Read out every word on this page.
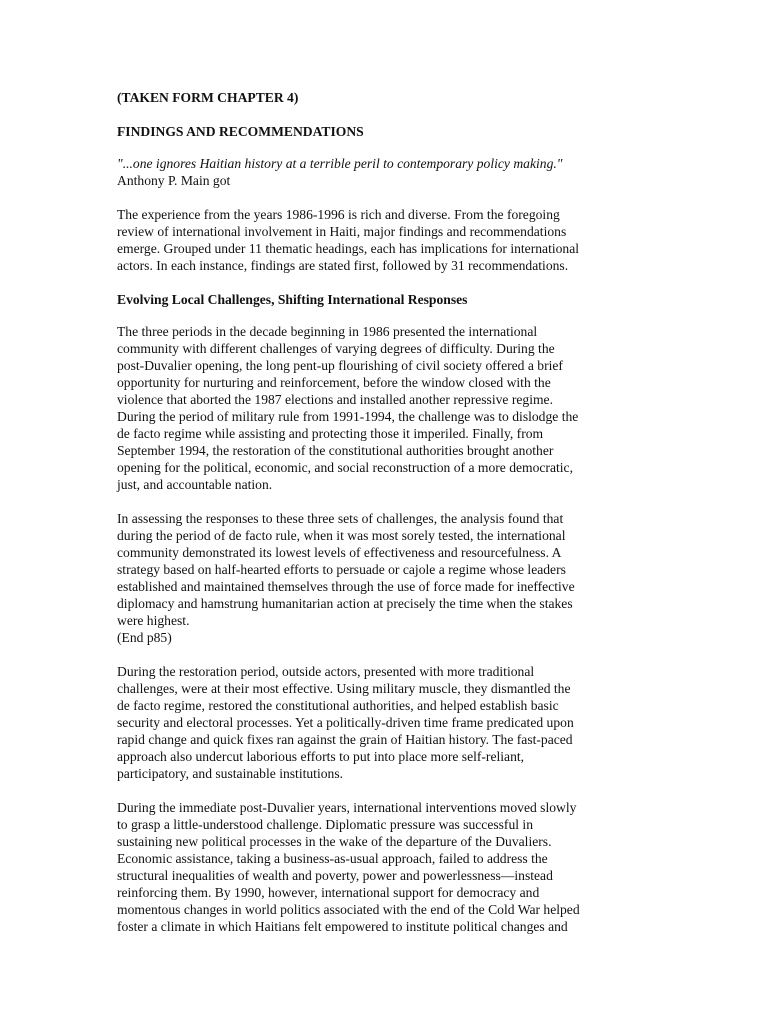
(TAKEN FORM CHAPTER 4)
FINDINGS AND RECOMMENDATIONS
"...one ignores Haitian history at a terrible peril to contemporary policy making."
Anthony P. Main got
The experience from the years 1986-1996 is rich and diverse. From the foregoing
review of international involvement in Haiti, major findings and recommendations
emerge. Grouped under 11 thematic headings, each has implications for international
actors. In each instance, findings are stated first, followed by 31 recommendations.
Evolving Local Challenges, Shifting International Responses
The three periods in the decade beginning in 1986 presented the international
community with different challenges of varying degrees of difficulty. During the
post-Duvalier opening, the long pent-up flourishing of civil society offered a brief
opportunity for nurturing and reinforcement, before the window closed with the
violence that aborted the 1987 elections and installed another repressive regime.
During the period of military rule from 1991-1994, the challenge was to dislodge the
de facto regime while assisting and protecting those it imperiled. Finally, from
September 1994, the restoration of the constitutional authorities brought another
opening for the political, economic, and social reconstruction of a more democratic,
just, and accountable nation.
In assessing the responses to these three sets of challenges, the analysis found that
during the period of de facto rule, when it was most sorely tested, the international
community demonstrated its lowest levels of effectiveness and resourcefulness. A
strategy based on half-hearted efforts to persuade or cajole a regime whose leaders
established and maintained themselves through the use of force made for ineffective
diplomacy and hamstrung humanitarian action at precisely the time when the stakes
were highest.
(End p85)
During the restoration period, outside actors, presented with more traditional
challenges, were at their most effective. Using military muscle, they dismantled the
de facto regime, restored the constitutional authorities, and helped establish basic
security and electoral processes. Yet a politically-driven time frame predicated upon
rapid change and quick fixes ran against the grain of Haitian history. The fast-paced
approach also undercut laborious efforts to put into place more self-reliant,
participatory, and sustainable institutions.
During the immediate post-Duvalier years, international interventions moved slowly
to grasp a little-understood challenge. Diplomatic pressure was successful in
sustaining new political processes in the wake of the departure of the Duvaliers.
Economic assistance, taking a business-as-usual approach, failed to address the
structural inequalities of wealth and poverty, power and powerlessness—instead
reinforcing them. By 1990, however, international support for democracy and
momentous changes in world politics associated with the end of the Cold War helped
foster a climate in which Haitians felt empowered to institute political changes and
